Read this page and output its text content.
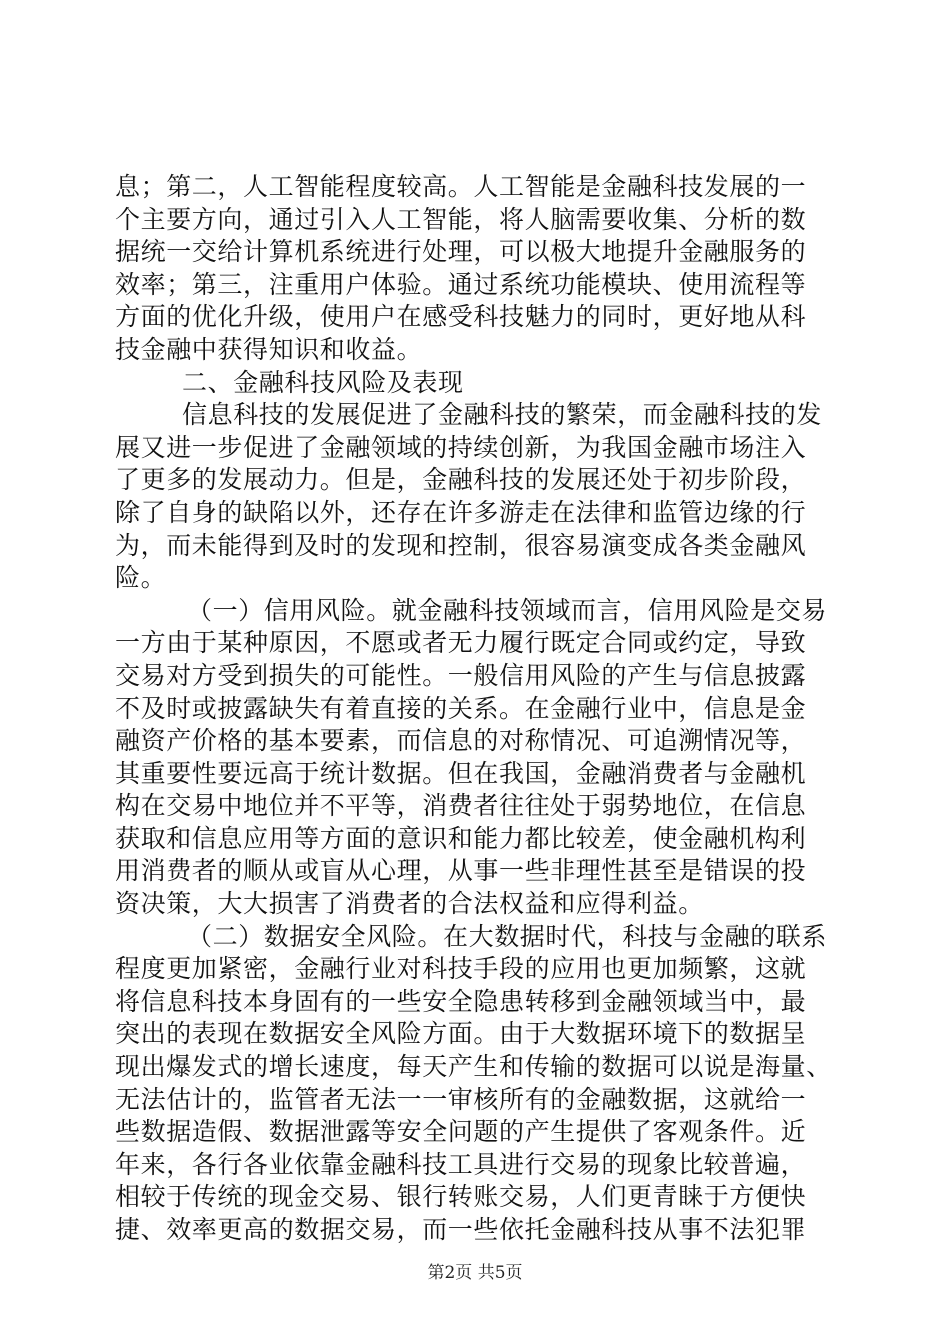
息；第二，人工智能程度较高。人工智能是金融科技发展的一
个主要方向，通过引入人工智能，将人脑需要收集、分析的数
据统一交给计算机系统进行处理，可以极大地提升金融服务的
效率；第三，注重用户体验。通过系统功能模块、使用流程等
方面的优化升级，使用户在感受科技魅力的同时，更好地从科
技金融中获得知识和收益。
二、金融科技风险及表现
信息科技的发展促进了金融科技的繁荣，而金融科技的发
展又进一步促进了金融领域的持续创新，为我国金融市场注入
了更多的发展动力。但是，金融科技的发展还处于初步阶段，
除了自身的缺陷以外，还存在许多游走在法律和监管边缘的行
为，而未能得到及时的发现和控制，很容易演变成各类金融风
险。
（一）信用风险。就金融科技领域而言，信用风险是交易
一方由于某种原因，不愿或者无力履行既定合同或约定，导致
交易对方受到损失的可能性。一般信用风险的产生与信息披露
不及时或披露缺失有着直接的关系。在金融行业中，信息是金
融资产价格的基本要素，而信息的对称情况、可追溯情况等，
其重要性要远高于统计数据。但在我国，金融消费者与金融机
构在交易中地位并不平等，消费者往往处于弱势地位，在信息
获取和信息应用等方面的意识和能力都比较差，使金融机构利
用消费者的顺从或盲从心理，从事一些非理性甚至是错误的投
资决策，大大损害了消费者的合法权益和应得利益。
（二）数据安全风险。在大数据时代，科技与金融的联系
程度更加紧密，金融行业对科技手段的应用也更加频繁，这就
将信息科技本身固有的一些安全隐患转移到金融领域当中，最
突出的表现在数据安全风险方面。由于大数据环境下的数据呈
现出爆发式的增长速度，每天产生和传输的数据可以说是海量、
无法估计的，监管者无法一一审核所有的金融数据，这就给一
些数据造假、数据泄露等安全问题的产生提供了客观条件。近
年来，各行各业依靠金融科技工具进行交易的现象比较普遍，
相较于传统的现金交易、银行转账交易，人们更青睐于方便快
捷、效率更高的数据交易，而一些依托金融科技从事不法犯罪
第2页 共5页
